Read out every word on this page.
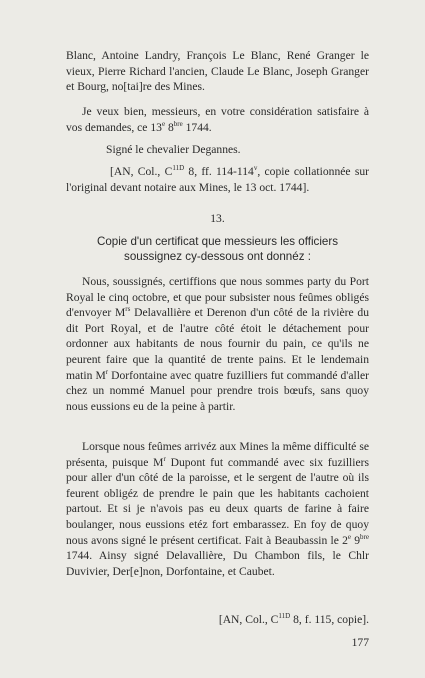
Blanc, Antoine Landry, François Le Blanc, René Granger le vieux, Pierre Richard l'ancien, Claude Le Blanc, Joseph Granger et Bourg, no[tai]re des Mines.

Je veux bien, messieurs, en votre considération satisfaire à vos demandes, ce 13e $8^{bre}$ 1744.

Signé le chevalier Degannes.

[AN, Col., $C^{11D}$ 8, ff. 114-114$^v$, copie collationnée sur l'original devant notaire aux Mines, le 13 oct. 1744].

13.

Copie d'un certificat que messieurs les officiers soussignez cy-dessous ont donnéz :

Nous, soussignés, certiffions que nous sommes party du Port Royal le cinq octobre, et que pour subsister nous feûmes obligés d'envoyer $M^{rs}$ Delavallière et Derenon d'un côté de la rivière du dit Port Royal, et de l'autre côté étoit le détachement pour ordonner aux habitants de nous fournir du pain, ce qu'ils ne peurent faire que la quantité de trente pains. Et le lendemain matin $M^r$ Dorfontaine avec quatre fuzilliers fut commandé d'aller chez un nommé Manuel pour prendre trois bœufs, sans quoy nous eussions eu de la peine à partir.

Lorsque nous feûmes arrivéz aux Mines la même difficulté se présenta, puisque $M^r$ Dupont fut commandé avec six fuzilliers pour aller d'un côté de la paroisse, et le sergent de l'autre où ils feurent obligéz de prendre le pain que les habitants cachoient partout. Et si je n'avois pas eu deux quarts de farine à faire boulanger, nous eussions etéz fort embarassez. En foy de quoy nous avons signé le présent certificat. Fait à Beaubassin le 2e $9^{bre}$ 1744. Ainsy signé Delavallière, Du Chambon fils, le Chlr Duvivier, Der[e]non, Dorfontaine, et Caubet.

[AN, Col., $C^{11D}$ 8, f. 115, copie].

177
